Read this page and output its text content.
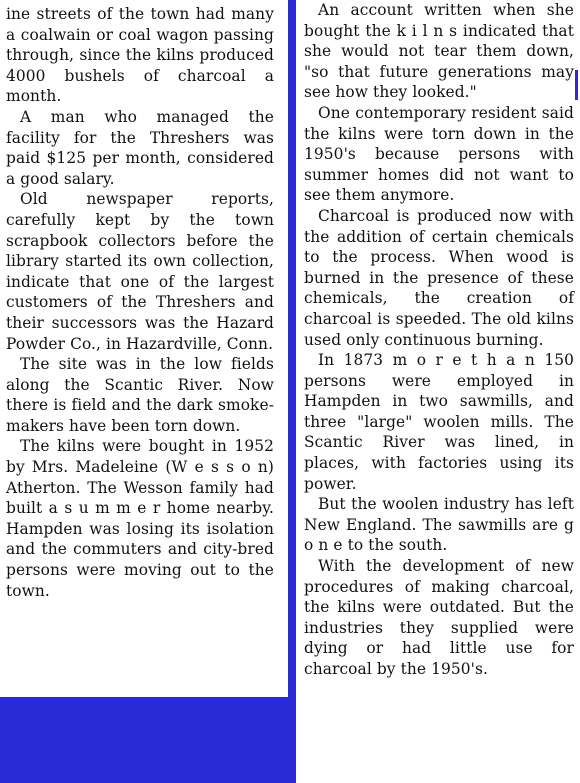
ine streets of the town had many a coalwain or coal wagon passing through, since the kilns produced 4000 bushels of charcoal a month.

A man who managed the facility for the Threshers was paid $125 per month, considered a good salary.

Old newspaper reports, carefully kept by the town scrapbook collectors before the library started its own collection, indicate that one of the largest customers of the Threshers and their successors was the Hazard Powder Co., in Hazardville, Conn.

The site was in the low fields along the Scantic River. Now there is field and the dark smoke-makers have been torn down.

The kilns were bought in 1952 by Mrs. Madeleine (W e s s o n) Atherton. The Wesson family had built a s u m m e r home nearby. Hampden was losing its isolation and the commuters and city-bred persons were moving out to the town.

An account written when she bought the k i l n s indicated that she would not tear them down, "so that future generations may see how they looked."

One contemporary resident said the kilns were torn down in the 1950's because persons with summer homes did not want to see them anymore.

Charcoal is produced now with the addition of certain chemicals to the process. When wood is burned in the presence of these chemicals, the creation of charcoal is speeded. The old kilns used only continuous burning.

In 1873 m o r e t h a n 150 persons were employed in Hampden in two sawmills, and three "large" woolen mills. The Scantic River was lined, in places, with factories using its power.

But the woolen industry has left New England. The sawmills are g o n e to the south.

With the development of new procedures of making charcoal, the kilns were outdated. But the industries they supplied were dying or had little use for charcoal by the 1950's.
